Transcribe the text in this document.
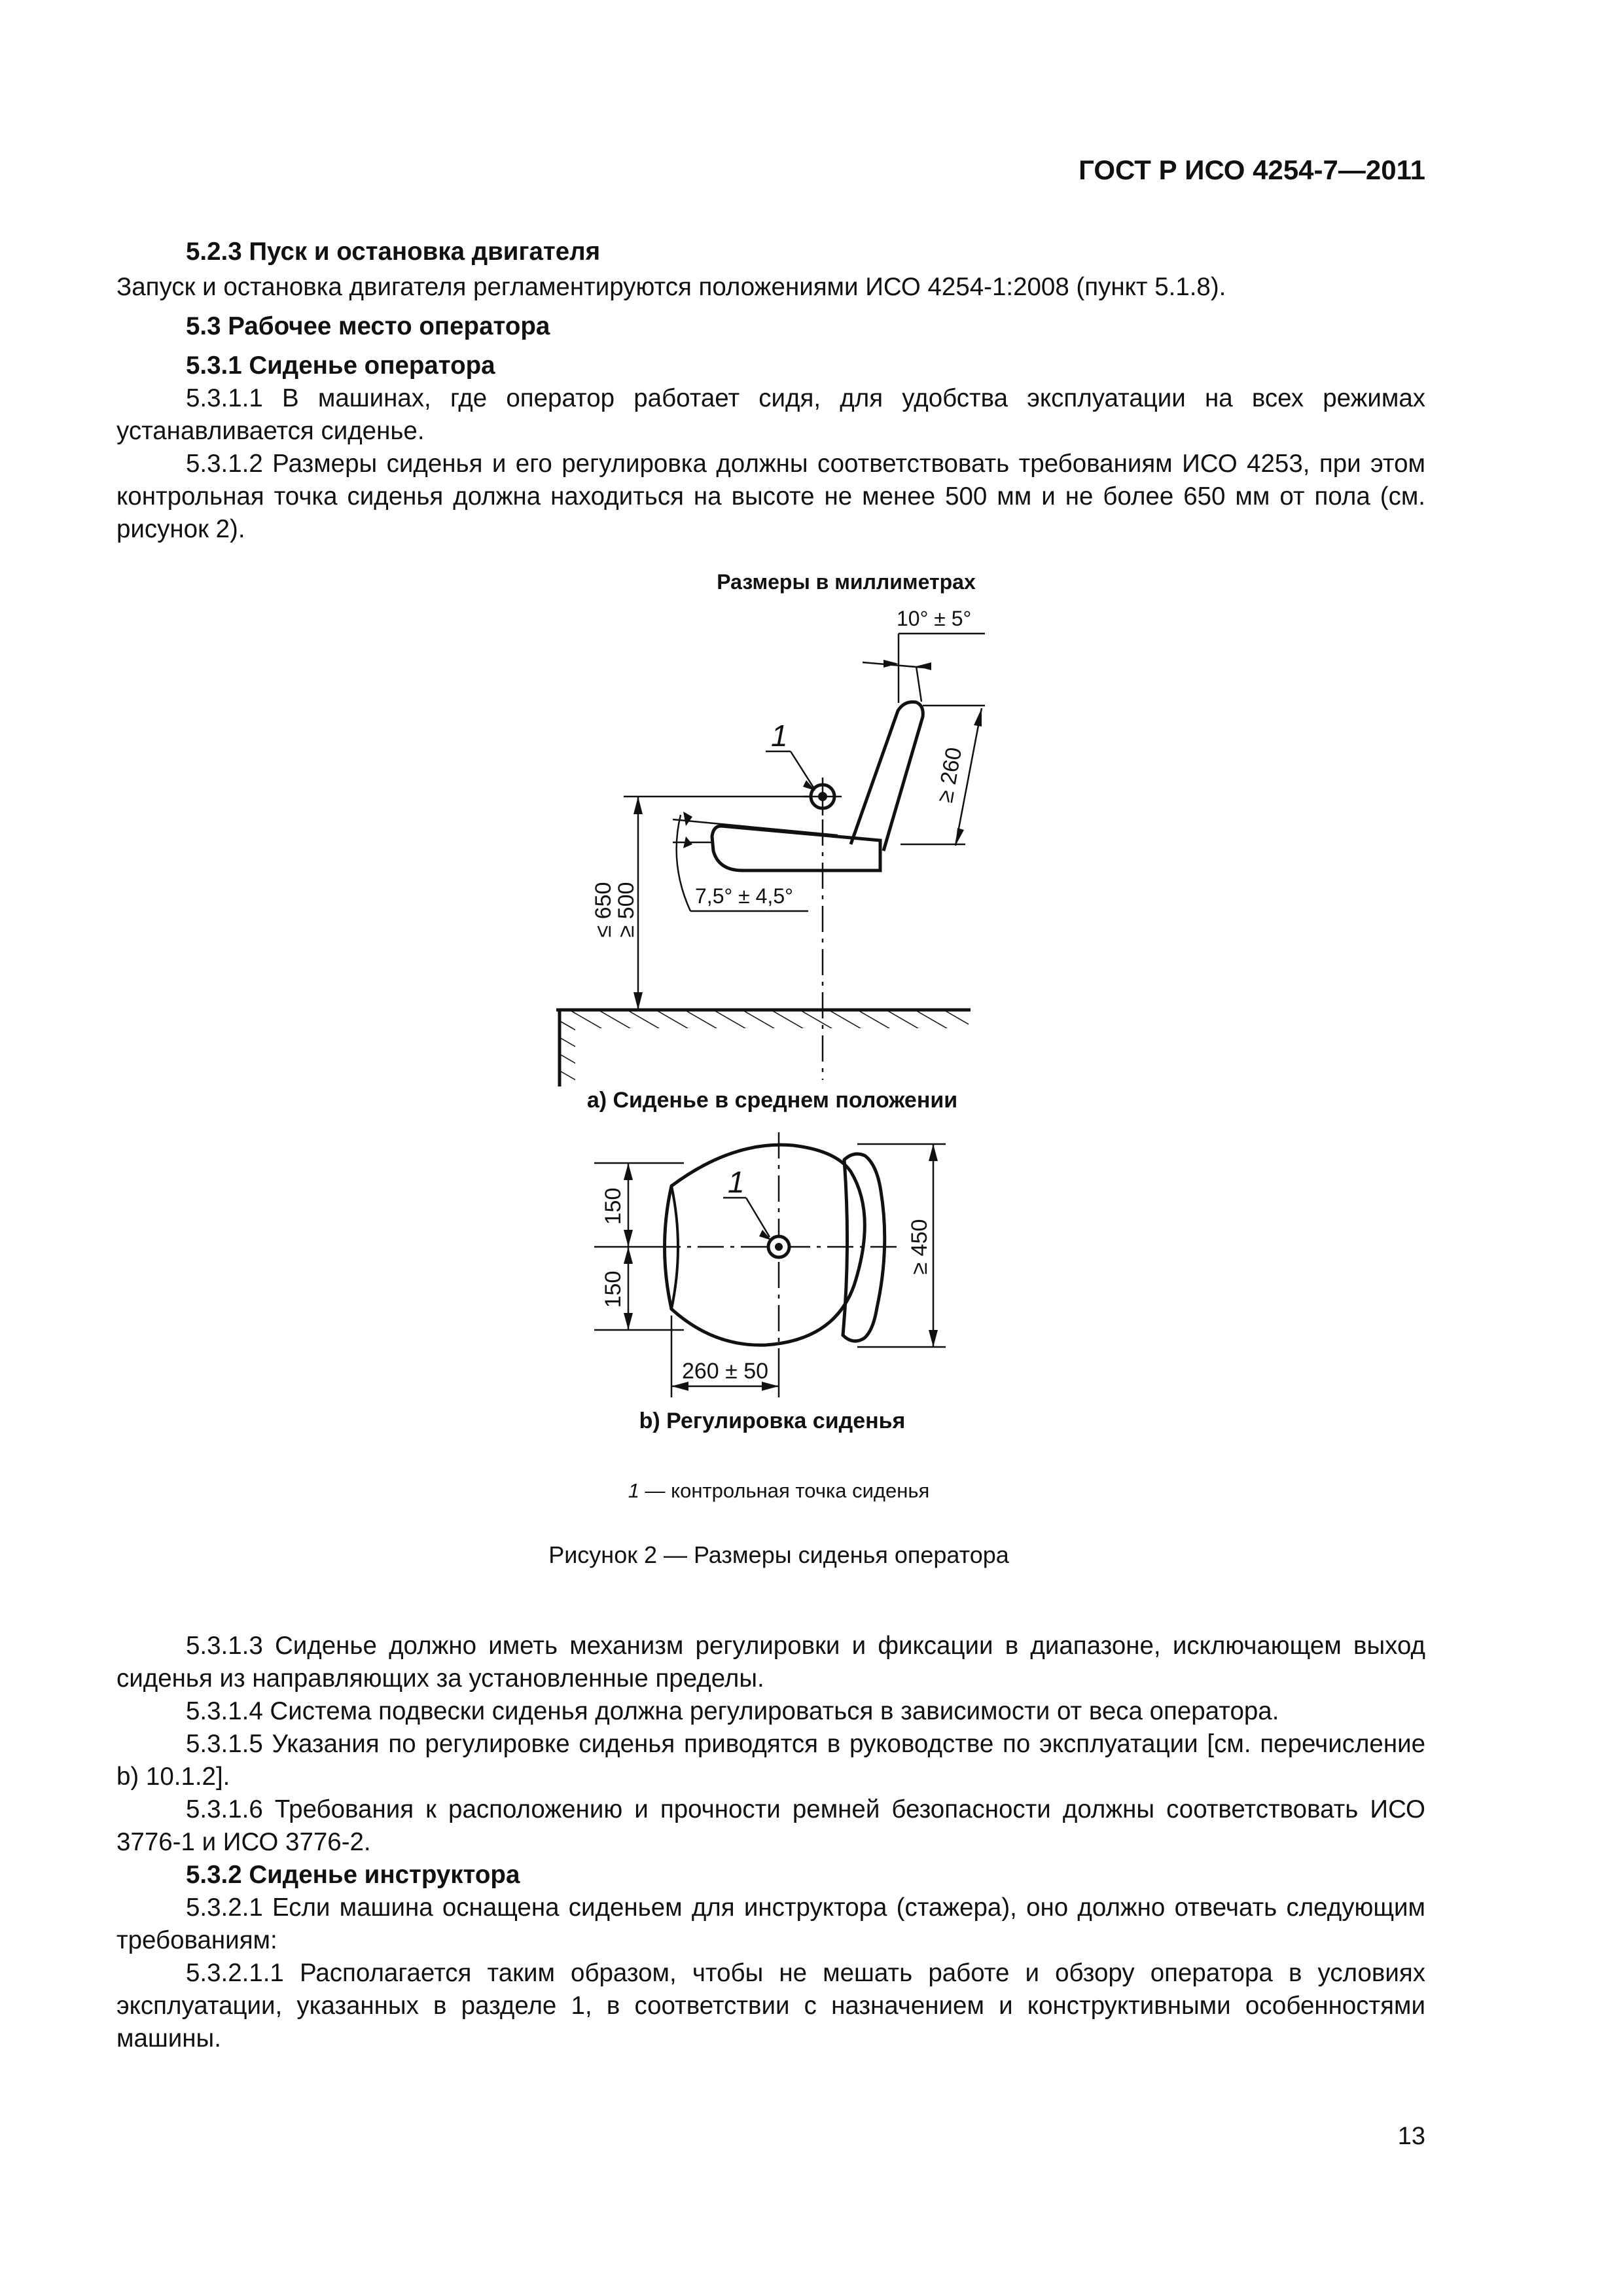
ГОСТ Р ИСО 4254-7—2011

5.2.3 Пуск и остановка двигателя

Запуск и остановка двигателя регламентируются положениями ИСО 4254-1:2008 (пункт 5.1.8).

5.3 Рабочее место оператора

5.3.1 Сиденье оператора

5.3.1.1 В машинах, где оператор работает сидя, для удобства эксплуатации на всех режимах устанавливается сиденье.

5.3.1.2 Размеры сиденья и его регулировка должны соответствовать требованиям ИСО 4253, при этом контрольная точка сиденья должна находиться на высоте не менее 500 мм и не более 650 мм от пола (см. рисунок 2).

Размеры в миллиметрах
1
≤ 650
≥ 500	7,5° ± 4,5°
10° ± 5°
≥ 260
a) Сиденье в среднем положении
1
150
150
≥ 450
260 ± 50
b) Регулировка сиденья
1 — контрольная точка сиденья
Рисунок 2 — Размеры сиденья оператора

5.3.1.3 Сиденье должно иметь механизм регулировки и фиксации в диапазоне, исключающем выход сиденья из направляющих за установленные пределы.

5.3.1.4 Система подвески сиденья должна регулироваться в зависимости от веса оператора.

5.3.1.5 Указания по регулировке сиденья приводятся в руководстве по эксплуатации [см. перечисление b) 10.1.2].

5.3.1.6 Требования к расположению и прочности ремней безопасности должны соответствовать ИСО 3776-1 и ИСО 3776-2.

5.3.2 Сиденье инструктора

5.3.2.1 Если машина оснащена сиденьем для инструктора (стажера), оно должно отвечать следующим требованиям:

5.3.2.1.1 Располагается таким образом, чтобы не мешать работе и обзору оператора в условиях эксплуатации, указанных в разделе 1, в соответствии с назначением и конструктивными особенностями машины.

13
